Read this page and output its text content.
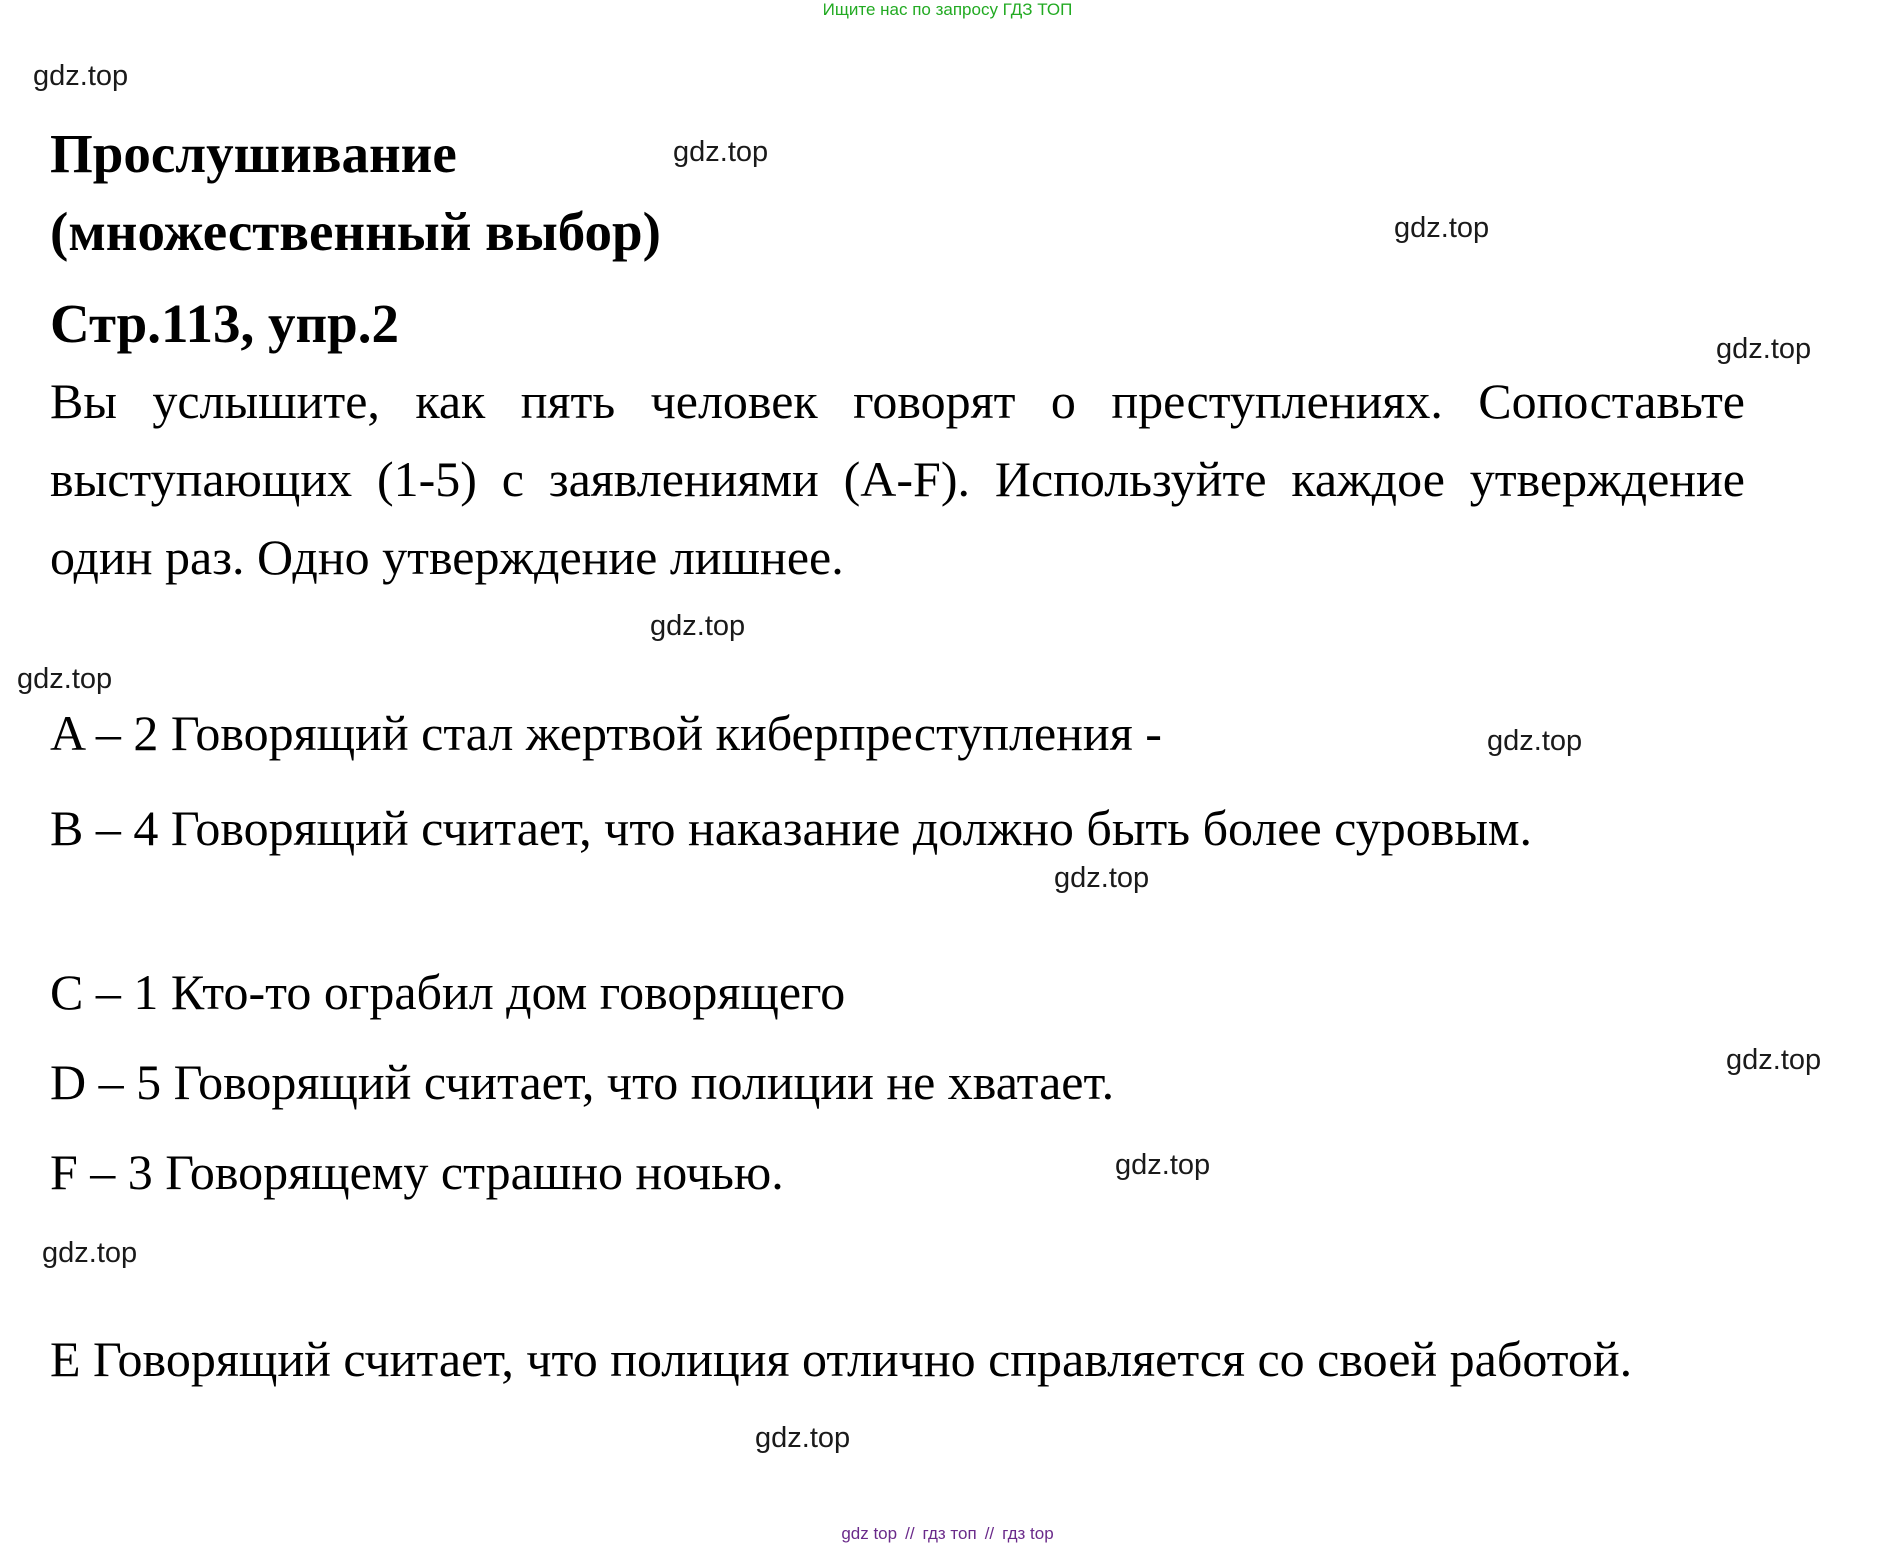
Ищите нас по запросу ГДЗ ТОП
gdz.top
gdz.top
gdz.top
gdz.top
gdz.top
gdz.top
gdz.top
gdz.top
gdz.top
gdz.top
gdz.top
gdz.top
Прослушивание
(множественный выбор)
Стр.113, упр.2
Вы услышите, как пять человек говорят о преступлениях. Сопоставьте выступающих (1-5) с заявлениями (A-F). Используйте каждое утверждение один раз. Одно утверждение лишнее.
A – 2 Говорящий стал жертвой киберпреступления -
B – 4 Говорящий считает, что наказание должно быть более суровым.
C – 1 Кто-то ограбил дом говорящего
D – 5 Говорящий считает, что полиции не хватает.
F – 3 Говорящему страшно ночью.
E Говорящий считает, что полиция отлично справляется со своей работой.
gdz top // гдз топ // гдз top
